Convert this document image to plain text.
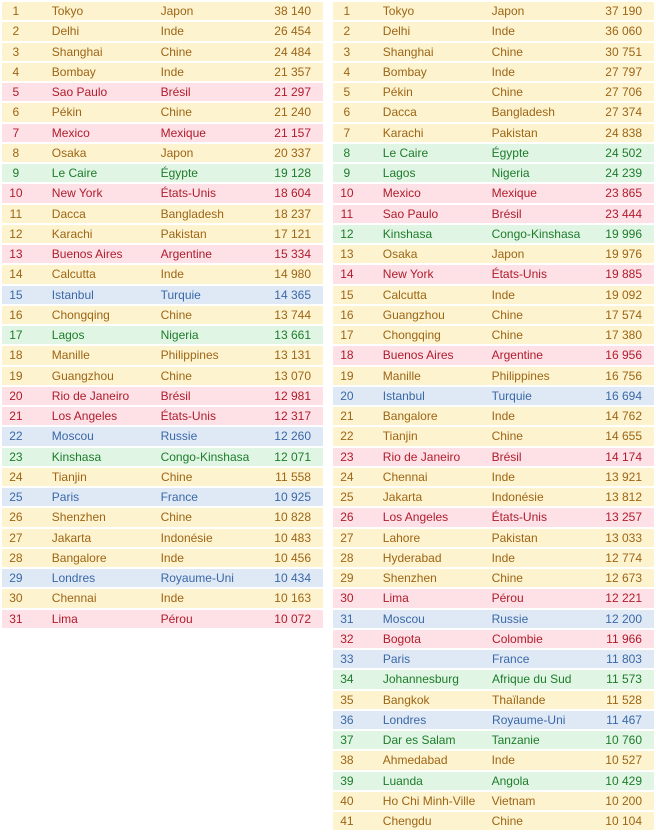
1	Tokyo	Japon	38 140
2	Delhi	Inde	26 454
3	Shanghai	Chine	24 484
4	Bombay	Inde	21 357
5	Sao Paulo	Brésil	21 297
6	Pékin	Chine	21 240
7	Mexico	Mexique	21 157
8	Osaka	Japon	20 337
9	Le Caire	Égypte	19 128
10	New York	États-Unis	18 604
11	Dacca	Bangladesh	18 237
12	Karachi	Pakistan	17 121
13	Buenos Aires	Argentine	15 334
14	Calcutta	Inde	14 980
15	Istanbul	Turquie	14 365
16	Chongqing	Chine	13 744
17	Lagos	Nigeria	13 661
18	Manille	Philippines	13 131
19	Guangzhou	Chine	13 070
20	Rio de Janeiro	Brésil	12 981
21	Los Angeles	États-Unis	12 317
22	Moscou	Russie	12 260
23	Kinshasa	Congo-Kinshasa	12 071
24	Tianjin	Chine	11 558
25	Paris	France	10 925
26	Shenzhen	Chine	10 828
27	Jakarta	Indonésie	10 483
28	Bangalore	Inde	10 456
29	Londres	Royaume-Uni	10 434
30	Chennai	Inde	10 163
31	Lima	Pérou	10 072
1	Tokyo	Japon	37 190
2	Delhi	Inde	36 060
3	Shanghai	Chine	30 751
4	Bombay	Inde	27 797
5	Pékin	Chine	27 706
6	Dacca	Bangladesh	27 374
7	Karachi	Pakistan	24 838
8	Le Caire	Égypte	24 502
9	Lagos	Nigeria	24 239
10	Mexico	Mexique	23 865
11	Sao Paulo	Brésil	23 444
12	Kinshasa	Congo-Kinshasa	19 996
13	Osaka	Japon	19 976
14	New York	États-Unis	19 885
15	Calcutta	Inde	19 092
16	Guangzhou	Chine	17 574
17	Chongqing	Chine	17 380
18	Buenos Aires	Argentine	16 956
19	Manille	Philippines	16 756
20	Istanbul	Turquie	16 694
21	Bangalore	Inde	14 762
22	Tianjin	Chine	14 655
23	Rio de Janeiro	Brésil	14 174
24	Chennai	Inde	13 921
25	Jakarta	Indonésie	13 812
26	Los Angeles	États-Unis	13 257
27	Lahore	Pakistan	13 033
28	Hyderabad	Inde	12 774
29	Shenzhen	Chine	12 673
30	Lima	Pérou	12 221
31	Moscou	Russie	12 200
32	Bogota	Colombie	11 966
33	Paris	France	11 803
34	Johannesburg	Afrique du Sud	11 573
35	Bangkok	Thaïlande	11 528
36	Londres	Royaume-Uni	11 467
37	Dar es Salam	Tanzanie	10 760
38	Ahmedabad	Inde	10 527
39	Luanda	Angola	10 429
40	Ho Chi Minh-Ville	Vietnam	10 200
41	Chengdu	Chine	10 104
